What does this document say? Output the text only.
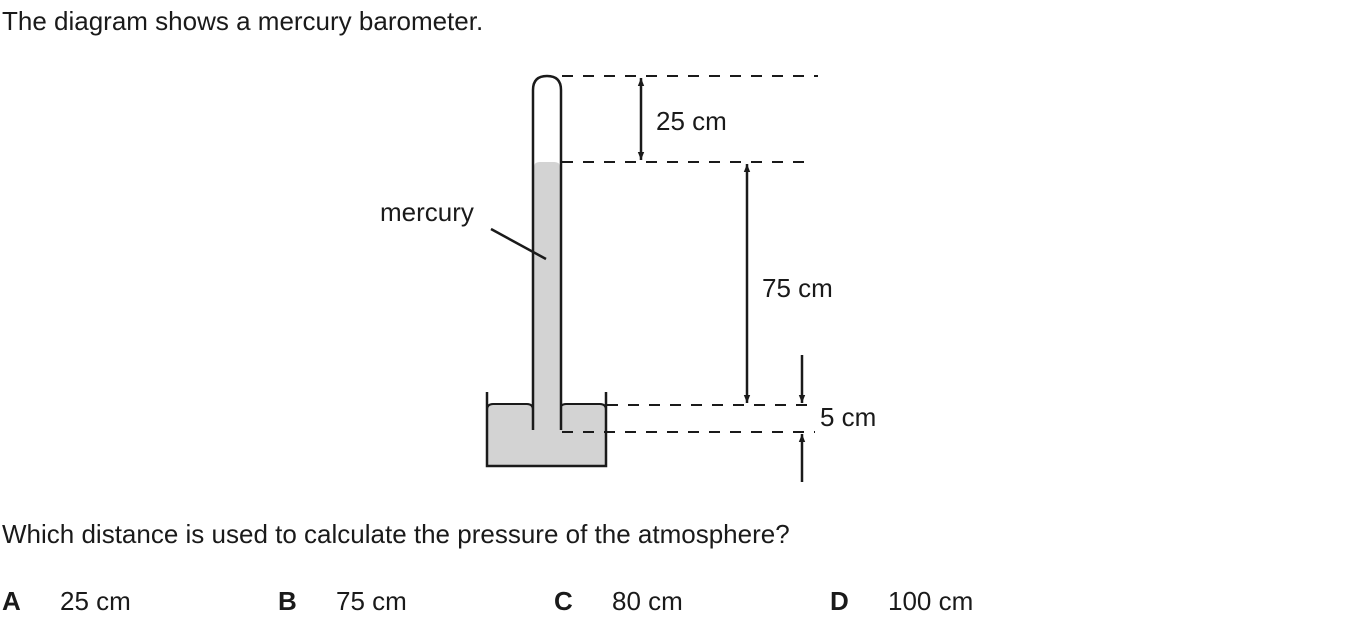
The diagram shows a mercury barometer.
mercury
25 cm
75 cm
5 cm
Which distance is used to calculate the pressure of the atmosphere?
A 25 cm	B 75 cm	C 80 cm	D 100 cm
